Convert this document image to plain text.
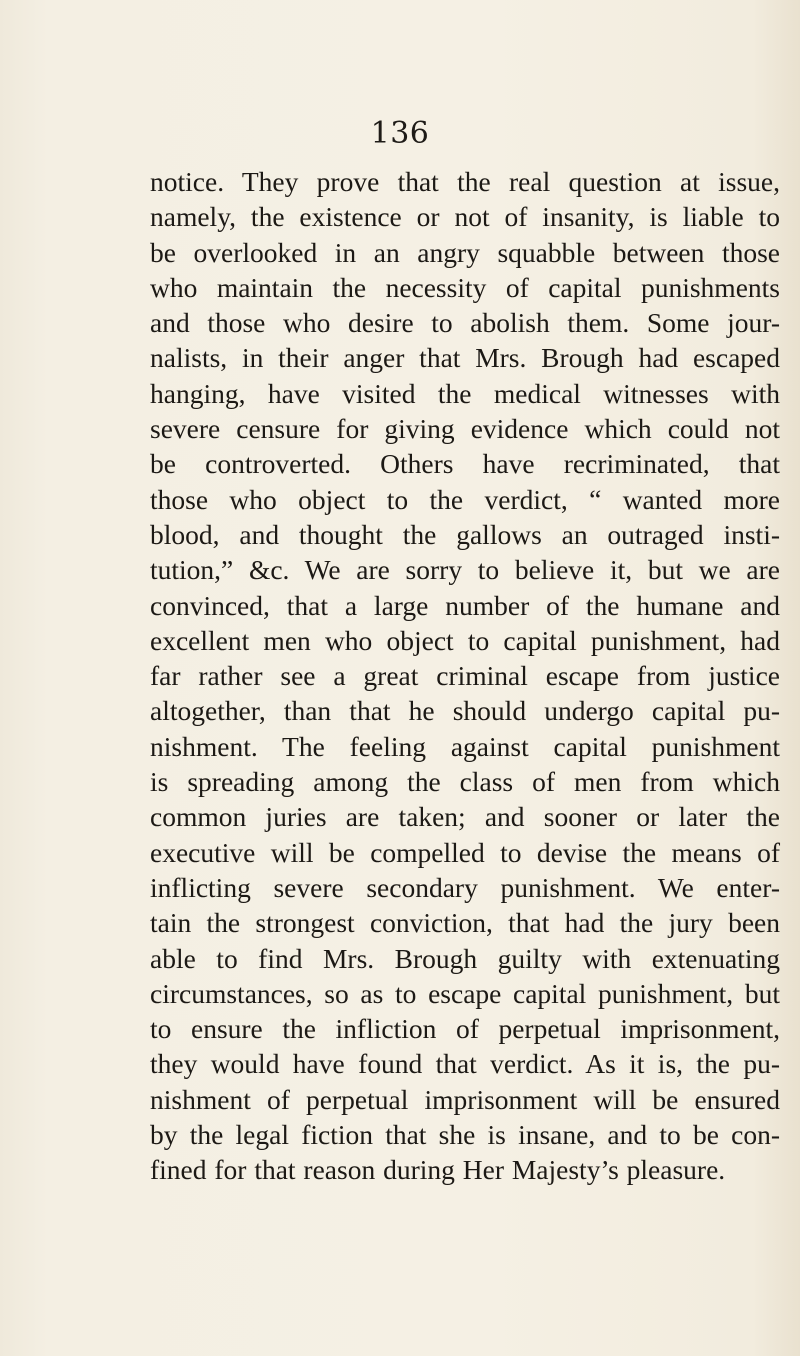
136
notice. They prove that the real question at issue,
namely, the existence or not of insanity, is liable to
be overlooked in an angry squabble between those
who maintain the necessity of capital punishments
and those who desire to abolish them. Some jour-
nalists, in their anger that Mrs. Brough had escaped
hanging, have visited the medical witnesses with
severe censure for giving evidence which could not
be controverted. Others have recriminated, that
those who object to the verdict, “ wanted more
blood, and thought the gallows an outraged insti-
tution,” &c. We are sorry to believe it, but we are
convinced, that a large number of the humane and
excellent men who object to capital punishment, had
far rather see a great criminal escape from justice
altogether, than that he should undergo capital pu-
nishment. The feeling against capital punishment
is spreading among the class of men from which
common juries are taken; and sooner or later the
executive will be compelled to devise the means of
inflicting severe secondary punishment. We enter-
tain the strongest conviction, that had the jury been
able to find Mrs. Brough guilty with extenuating
circumstances, so as to escape capital punishment, but
to ensure the infliction of perpetual imprisonment,
they would have found that verdict. As it is, the pu-
nishment of perpetual imprisonment will be ensured
by the legal fiction that she is insane, and to be con-
fined for that reason during Her Majesty’s pleasure.
